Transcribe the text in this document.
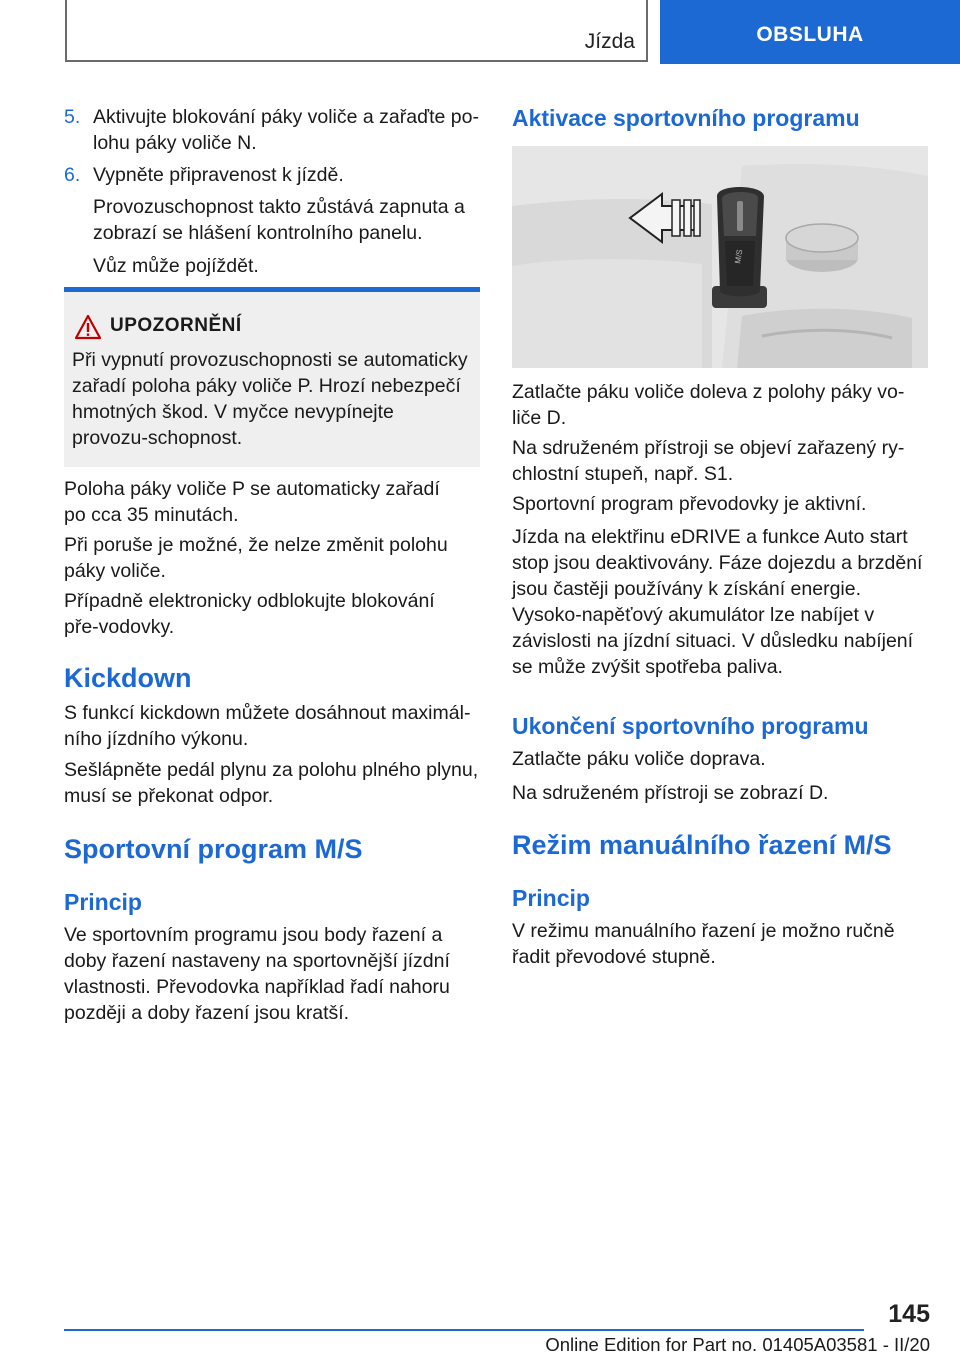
Jízda	OBSLUHA
5. Aktivujte blokování páky voliče a zařaďte po-lohu páky voliče N.
6. Vypněte připravenost k jízdě.

Provozuschopnost takto zůstává zapnuta a zobrazí se hlášení kontrolního panelu.

Vůz může pojíždět.

UPOZORNĚNÍ
Při vypnutí provozuschopnosti se automaticky zařadí poloha páky voliče P. Hrozí nebezpečí hmotných škod. V myčce nevypínejte provozu-schopnost.

Poloha páky voliče P se automaticky zařadí po cca 35 minutách.

Při poruše je možné, že nelze změnit polohu páky voliče.

Případně elektronicky odblokujte blokování pře-vodovky.

Kickdown

S funkcí kickdown můžete dosáhnout maximál-ního jízdního výkonu.

Sešlápněte pedál plynu za polohu plného plynu, musí se překonat odpor.

Sportovní program M/S
Princip

Ve sportovním programu jsou body řazení a doby řazení nastaveny na sportovnější jízdní vlastnosti. Převodovka například řadí nahoru později a doby řazení jsou kratší.

Aktivace sportovního programu
M/S

Zatlačte páku voliče doleva z polohy páky vo-liče D.

Na sdruženém přístroji se objeví zařazený ry-chlostní stupeň, např. S1.

Sportovní program převodovky je aktivní.

Jízda na elektřinu eDRIVE a funkce Auto start stop jsou deaktivovány. Fáze dojezdu a brzdění jsou častěji používány k získání energie. Vysoko-napěťový akumulátor lze nabíjet v závislosti na jízdní situaci. V důsledku nabíjení se může zvýšit spotřeba paliva.

Ukončení sportovního programu

Zatlačte páku voliče doprava.

Na sdruženém přístroji se zobrazí D.

Režim manuálního řazení M/S
Princip

V režimu manuálního řazení je možno ručně řadit převodové stupně.

145
Online Edition for Part no. 01405A03581 - II/20
